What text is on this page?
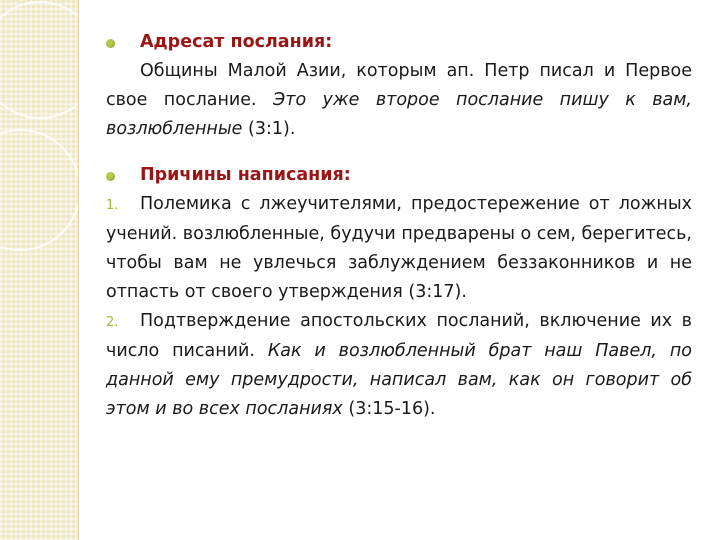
Адресат послания:
Общины Малой Азии, которым ап. Петр писал и Первое свое послание. Это уже второе послание пишу к вам, возлюбленные (3:1).
Причины написания:
1. Полемика с лжеучителями, предостережение от ложных учений. возлюбленные, будучи предварены о сем, берегитесь, чтобы вам не увлечься заблуждением беззаконников и не отпасть от своего утверждения (3:17).
2. Подтверждение апостольских посланий, включение их в число писаний. Как и возлюбленный брат наш Павел, по данной ему премудрости, написал вам, как он говорит об этом и во всех посланиях (3:15-16).
